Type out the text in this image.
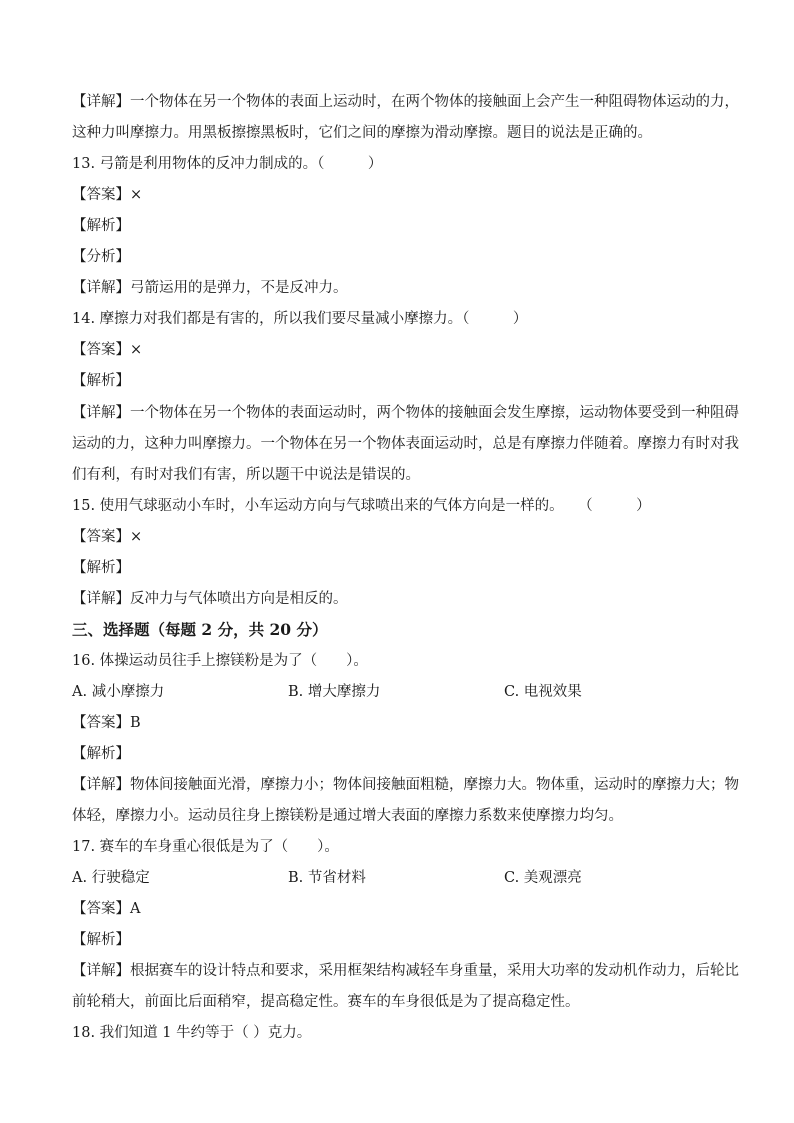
【详解】一个物体在另一个物体的表面上运动时，在两个物体的接触面上会产生一种阻碍物体运动的力，
这种力叫摩擦力。用黑板擦擦黑板时，它们之间的摩擦为滑动摩擦。题目的说法是正确的。
13. 弓箭是利用物体的反冲力制成的。（　　　）
【答案】×
【解析】
【分析】
【详解】弓箭运用的是弹力，不是反冲力。
14. 摩擦力对我们都是有害的，所以我们要尽量减小摩擦力。（　　　）
【答案】×
【解析】
【详解】一个物体在另一个物体的表面运动时，两个物体的接触面会发生摩擦，运动物体要受到一种阻碍
运动的力，这种力叫摩擦力。一个物体在另一个物体表面运动时，总是有摩擦力伴随着。摩擦力有时对我
们有利，有时对我们有害，所以题干中说法是错误的。
15. 使用气球驱动小车时，小车运动方向与气球喷出来的气体方向是一样的。　　（　　　）
【答案】×
【解析】
【详解】反冲力与气体喷出方向是相反的。
三、选择题（每题 2 分，共 20 分）
16. 体操运动员往手上擦镁粉是为了（　　）。
A. 减小摩擦力	B. 增大摩擦力	C. 电视效果
【答案】B
【解析】
【详解】物体间接触面光滑，摩擦力小；物体间接触面粗糙，摩擦力大。物体重，运动时的摩擦力大；物
体轻，摩擦力小。运动员往身上擦镁粉是通过增大表面的摩擦力系数来使摩擦力均匀。
17. 赛车的车身重心很低是为了（　　）。
A. 行驶稳定	B. 节省材料	C. 美观漂亮
【答案】A
【解析】
【详解】根据赛车的设计特点和要求，采用框架结构减轻车身重量，采用大功率的发动机作动力，后轮比
前轮稍大，前面比后面稍窄，提高稳定性。赛车的车身很低是为了提高稳定性。
18. 我们知道 1 牛约等于（ ）克力。
